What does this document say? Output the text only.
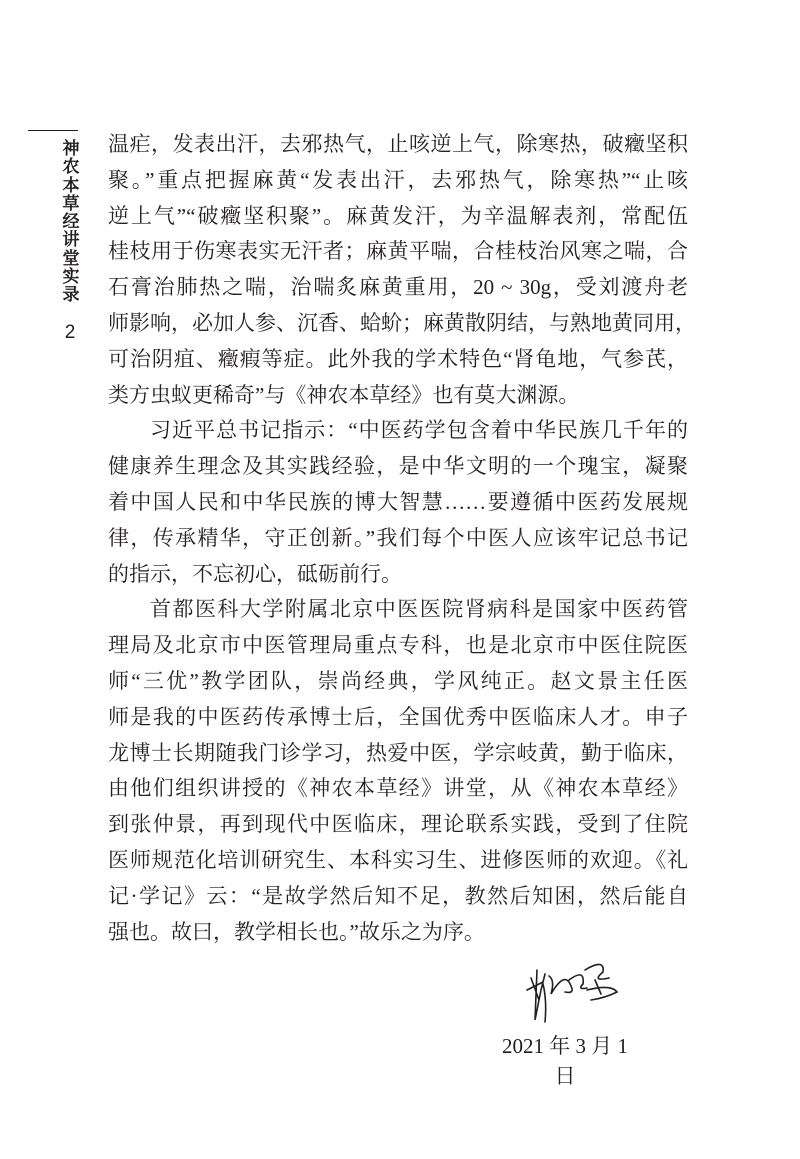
神农本草经讲堂实录
2
温疟，发表出汗，去邪热气，止咳逆上气，除寒热，破癥坚积
聚。”重点把握麻黄“发表出汗，去邪热气，除寒热”“止咳
逆上气”“破癥坚积聚”。麻黄发汗，为辛温解表剂，常配伍
桂枝用于伤寒表实无汗者；麻黄平喘，合桂枝治风寒之喘，合
石膏治肺热之喘，治喘炙麻黄重用，20 ~ 30g，受刘渡舟老
师影响，必加人参、沉香、蛤蚧；麻黄散阴结，与熟地黄同用，
可治阴疽、癥瘕等症。此外我的学术特色“肾龟地，气参芪，
类方虫蚁更稀奇”与《神农本草经》也有莫大渊源。
习近平总书记指示：“中医药学包含着中华民族几千年的
健康养生理念及其实践经验，是中华文明的一个瑰宝，凝聚
着中国人民和中华民族的博大智慧……要遵循中医药发展规
律，传承精华，守正创新。”我们每个中医人应该牢记总书记
的指示，不忘初心，砥砺前行。
首都医科大学附属北京中医医院肾病科是国家中医药管
理局及北京市中医管理局重点专科，也是北京市中医住院医
师“三优”教学团队，崇尚经典，学风纯正。赵文景主任医
师是我的中医药传承博士后，全国优秀中医临床人才。申子
龙博士长期随我门诊学习，热爱中医，学宗岐黄，勤于临床，
由他们组织讲授的《神农本草经》讲堂，从《神农本草经》
到张仲景，再到现代中医临床，理论联系实践，受到了住院
医师规范化培训研究生、本科实习生、进修医师的欢迎。《礼
记·学记》云：“是故学然后知不足，教然后知困，然后能自
强也。故曰，教学相长也。”故乐之为序。
2021 年 3 月 1 日
